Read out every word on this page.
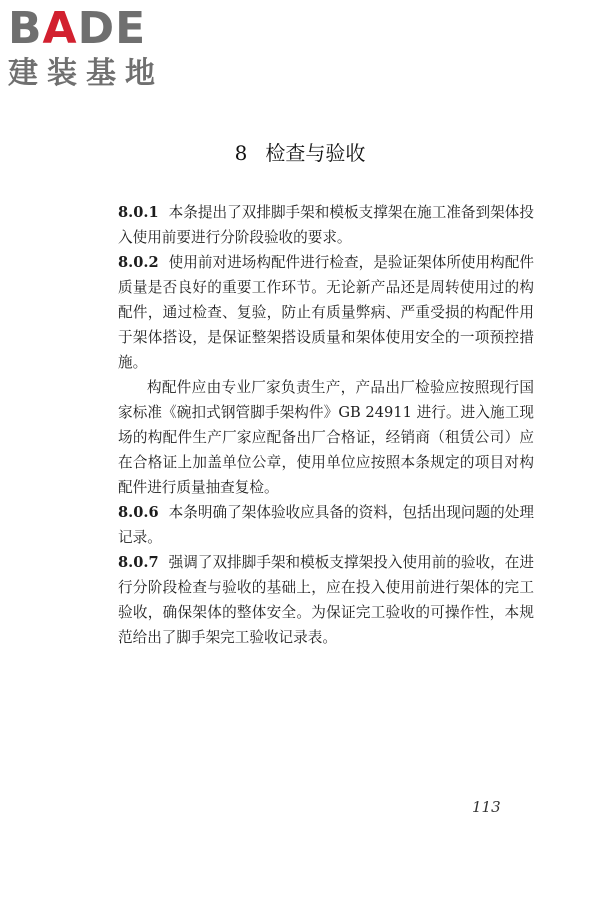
BADE
建装基地
8 检查与验收

8.0.1 本条提出了双排脚手架和模板支撑架在施工准备到架体投入使用前要进行分阶段验收的要求。

8.0.2 使用前对进场构配件进行检查，是验证架体所使用构配件质量是否良好的重要工作环节。无论新产品还是周转使用过的构配件，通过检查、复验，防止有质量弊病、严重受损的构配件用于架体搭设，是保证整架搭设质量和架体使用安全的一项预控措施。

构配件应由专业厂家负责生产，产品出厂检验应按照现行国家标准《碗扣式钢管脚手架构件》GB 24911 进行。进入施工现场的构配件生产厂家应配备出厂合格证，经销商（租赁公司）应在合格证上加盖单位公章，使用单位应按照本条规定的项目对构配件进行质量抽查复检。

8.0.6 本条明确了架体验收应具备的资料，包括出现问题的处理记录。

8.0.7 强调了双排脚手架和模板支撑架投入使用前的验收，在进行分阶段检查与验收的基础上，应在投入使用前进行架体的完工验收，确保架体的整体安全。为保证完工验收的可操作性，本规范给出了脚手架完工验收记录表。

113
